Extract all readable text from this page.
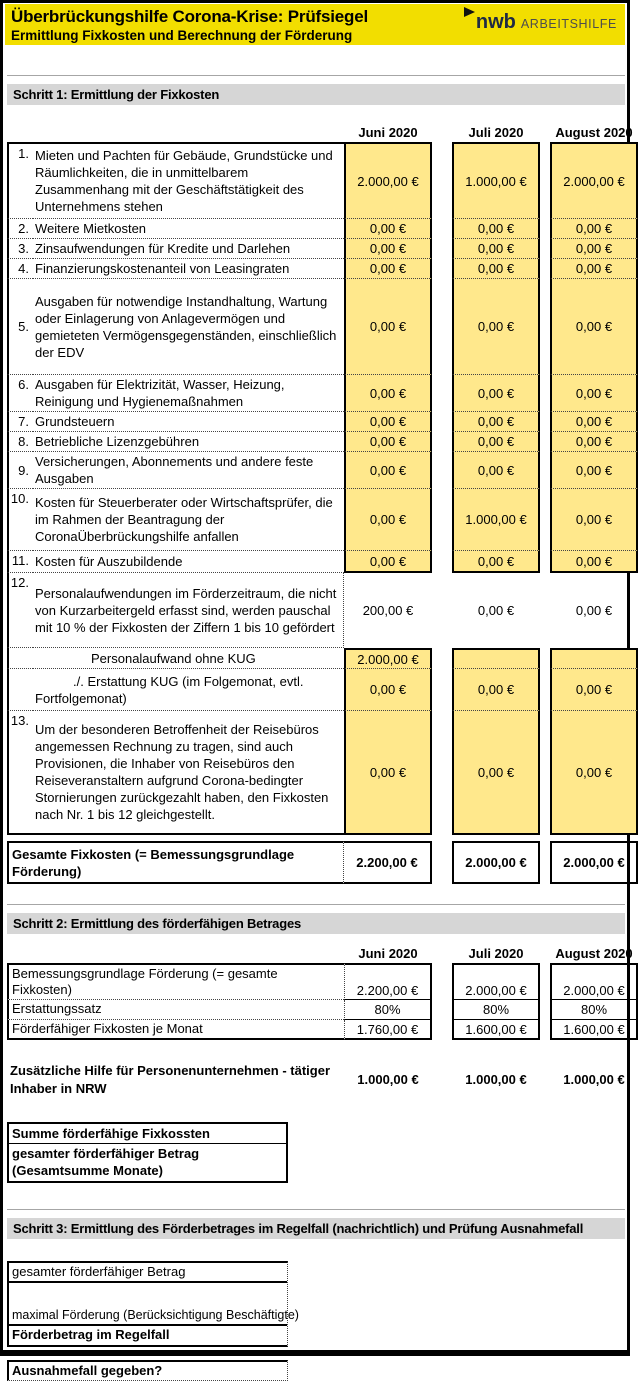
Überbrückungshilfe Corona-Krise: Prüfsiegel
Ermittlung Fixkosten und Berechnung der Förderung
nwb ARBEITSHILFE
Schritt 1: Ermittlung der Fixkosten
Juni 2020	Juli 2020	August 2020
1. Mieten und Pachten für Gebäude, Grundstücke und Räumlichkeiten, die in unmittelbarem Zusammenhang mit der Geschäftstätigkeit des Unternehmens stehen
2.000,00 €	1.000,00 €	2.000,00 €
2. Weitere Mietkosten	0,00 €	0,00 €	0,00 €
3. Zinsaufwendungen für Kredite und Darlehen	0,00 €	0,00 €	0,00 €
4. Finanzierungskostenanteil von Leasingraten	0,00 €	0,00 €	0,00 €
5.
Ausgaben für notwendige Instandhaltung, Wartung oder Einlagerung von Anlagevermögen und gemieteten Vermögensgegenständen, einschließlich der EDV
0,00 €	0,00 €	0,00 €
6. Ausgaben für Elektrizität, Wasser, Heizung, Reinigung und Hygienemaßnahmen
0,00 €	0,00 €	0,00 €
7. Grundsteuern	0,00 €	0,00 €	0,00 €
8. Betriebliche Lizenzgebühren	0,00 €	0,00 €	0,00 €
9.
Versicherungen, Abonnements und andere feste Ausgaben
0,00 €	0,00 €	0,00 €
10. Kosten für Steuerberater oder Wirtschaftsprüfer, die im Rahmen der Beantragung der CoronaÜberbrückungshilfe anfallen
0,00 €	1.000,00 €	0,00 €
11. Kosten für Auszubildende	0,00 €	0,00 €	0,00 €
12.
Personalaufwendungen im Förderzeitraum, die nicht von Kurzarbeitergeld erfasst sind, werden pauschal mit 10 % der Fixkosten der Ziffern 1 bis 10 gefördert
200,00 €	0,00 €	0,00 €
Personalaufwand ohne KUG	2.000,00 €
./. Erstattung KUG (im Folgemonat, evtl. Fortfolgemonat)
0,00 €	0,00 €	0,00 €
13.
Um der besonderen Betroffenheit der Reisebüros angemessen Rechnung zu tragen, sind auch Provisionen, die Inhaber von Reisebüros den Reiseveranstaltern aufgrund Corona-bedingter Stornierungen zurückgezahlt haben, den Fixkosten nach Nr. 1 bis 12 gleichgestellt.
0,00 €	0,00 €	0,00 €
Gesamte Fixkosten (= Bemessungsgrundlage Förderung)
2.200,00 €	2.000,00 €	2.000,00 €
Schritt 2: Ermittlung des förderfähigen Betrages
Juni 2020	Juli 2020	August 2020
Bemessungsgrundlage Förderung (= gesamte Fixkosten)	2.200,00 €	2.000,00 €	2.000,00 €
Erstattungssatz	80%	80%	80%
Förderfähiger Fixkosten je Monat	1.760,00 €	1.600,00 €	1.600,00 €
Zusätzliche Hilfe für Personenunternehmen - tätiger Inhaber in NRW
1.000,00 €	1.000,00 €	1.000,00 €
Summe förderfähige Fixkossten
gesamter förderfähiger Betrag (Gesamtsumme Monate)
Schritt 3: Ermittlung des Förderbetrages im Regelfall (nachrichtlich) und Prüfung Ausnahmefall
gesamter förderfähiger Betrag
maximal Förderung (Berücksichtigung Beschäftigte)
Förderbetrag im Regelfall
Ausnahmefall gegeben?
